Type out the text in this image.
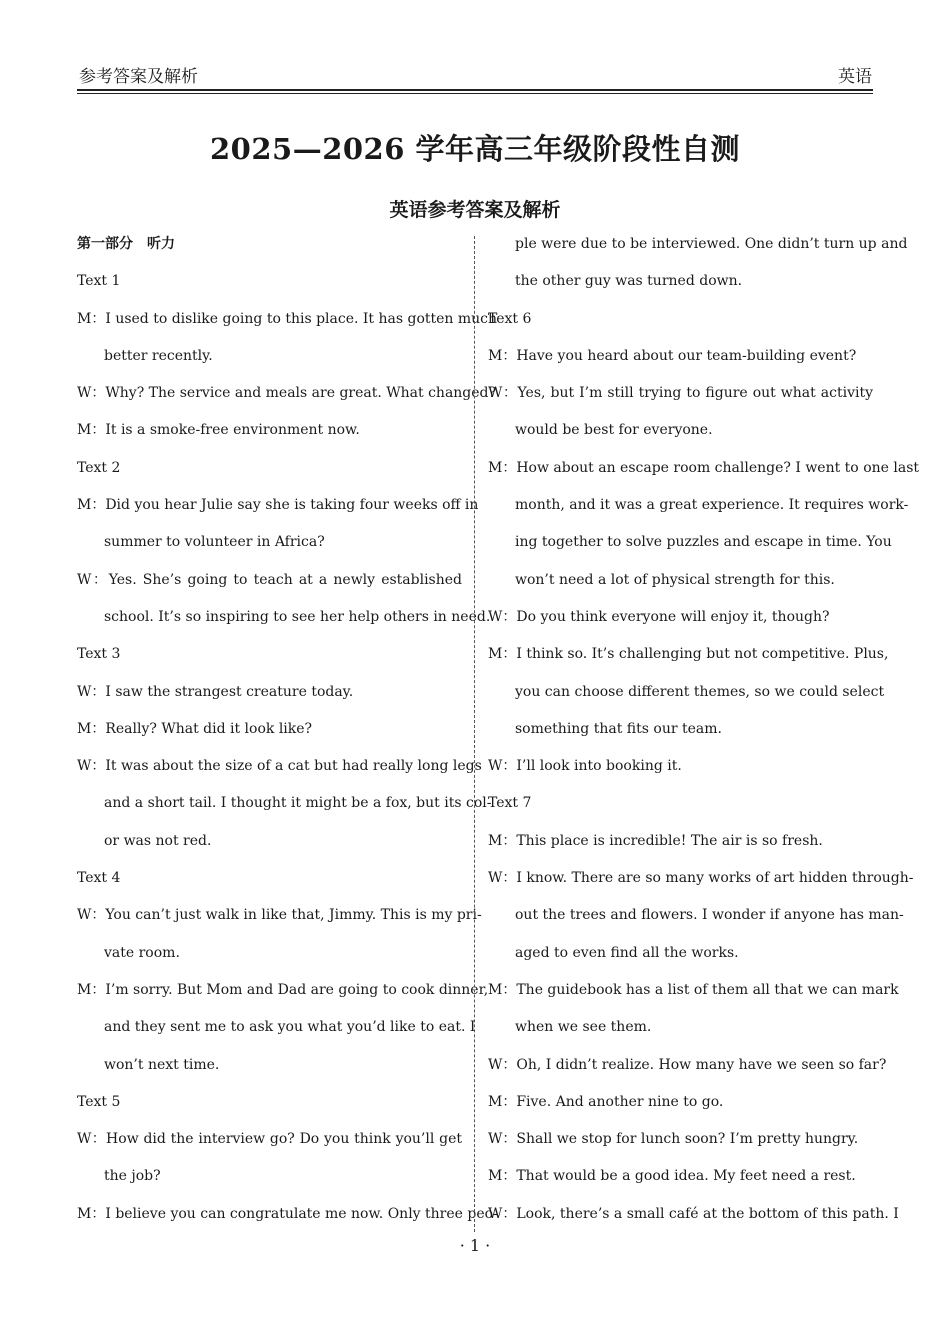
参考答案及解析	英语
2025—2026 学年高三年级阶段性自测
英语参考答案及解析
第一部分　听力
Text 1
M：I used to dislike going to this place. It has gotten much
better recently.
W：Why? The service and meals are great. What changed?
M：It is a smoke-free environment now.
Text 2
M：Did you hear Julie say she is taking four weeks off in
summer to volunteer in Africa?
W：Yes. She’s going to teach at a newly established
school. It’s so inspiring to see her help others in need.
Text 3
W：I saw the strangest creature today.
M：Really? What did it look like?
W：It was about the size of a cat but had really long legs
and a short tail. I thought it might be a fox, but its col-
or was not red.
Text 4
W：You can’t just walk in like that, Jimmy. This is my pri-
vate room.
M：I’m sorry. But Mom and Dad are going to cook dinner,
and they sent me to ask you what you’d like to eat. I
won’t next time.
Text 5
W：How did the interview go? Do you think you’ll get
the job?
M：I believe you can congratulate me now. Only three peo-
ple were due to be interviewed. One didn’t turn up and
the other guy was turned down.
Text 6
M：Have you heard about our team-building event?
W：Yes, but I’m still trying to figure out what activity
would be best for everyone.
M：How about an escape room challenge? I went to one last
month, and it was a great experience. It requires work-
ing together to solve puzzles and escape in time. You
won’t need a lot of physical strength for this.
W：Do you think everyone will enjoy it, though?
M：I think so. It’s challenging but not competitive. Plus,
you can choose different themes, so we could select
something that fits our team.
W：I’ll look into booking it.
Text 7
M：This place is incredible! The air is so fresh.
W：I know. There are so many works of art hidden through-
out the trees and flowers. I wonder if anyone has man-
aged to even find all the works.
M：The guidebook has a list of them all that we can mark
when we see them.
W：Oh, I didn’t realize. How many have we seen so far?
M：Five. And another nine to go.
W：Shall we stop for lunch soon? I’m pretty hungry.
M：That would be a good idea. My feet need a rest.
W：Look, there’s a small café at the bottom of this path. I
· 1 ·
